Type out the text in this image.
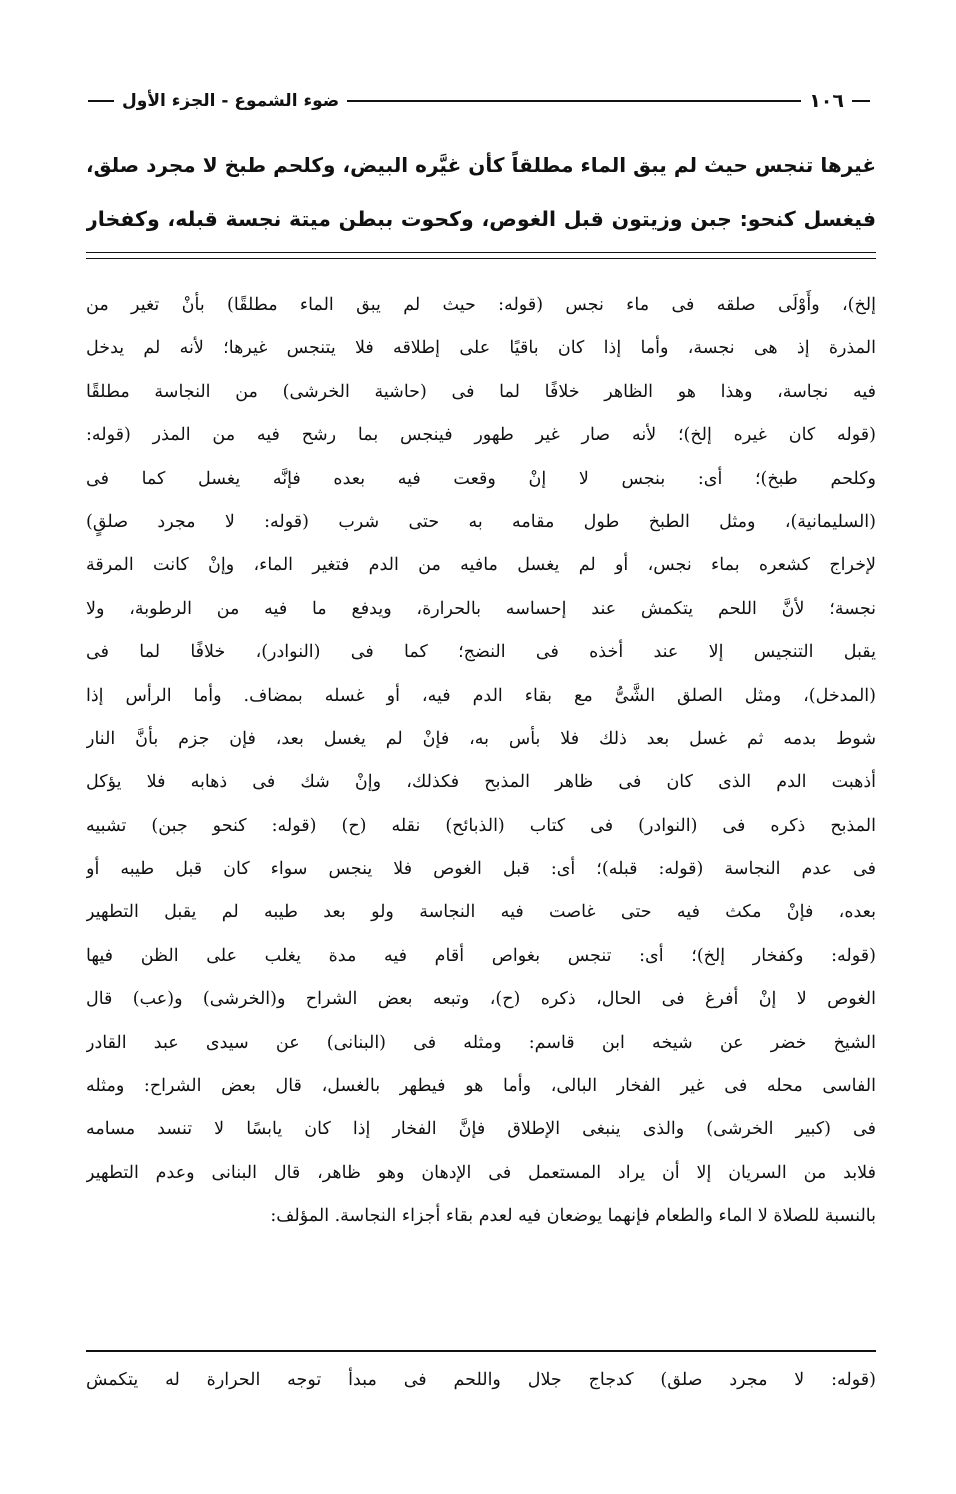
١٠٦
ضوء الشموع - الجزء الأول
غيرها تنجس حيث لم يبق الماء مطلقاً كأن غيَّره البيض، وكلحم طبخ لا مجرد صلق،
فيغسل كنحو: جبن وزيتون قبل الغوص، وكحوت ببطن ميتة نجسة قبله، وكفخار
إلخ)، وأَوْلَى صلقه فى ماء نجس (قوله: حيث لم يبق الماء مطلقًا) بأنْ تغير من
المذرة إذ هى نجسة، وأما إذا كان باقيًا على إطلاقه فلا يتنجس غيرها؛ لأنه لم يدخل
فيه نجاسة، وهذا هو الظاهر خلافًا لما فى (حاشية الخرشى) من النجاسة مطلقًا
(قوله كان غيره إلخ)؛ لأنه صار غير طهور فينجس بما رشح فيه من المذر (قوله:
وكلحم طبخ)؛ أى: بنجس لا إنْ وقعت فيه بعده فإنَّه يغسل كما فى
(السليمانية)، ومثل الطبخ طول مقامه به حتى شرب (قوله: لا مجرد صلقٍ)
لإخراج كشعره بماء نجس، أو لم يغسل مافيه من الدم فتغير الماء، وإنْ كانت المرقة
نجسة؛ لأنَّ اللحم يتكمش عند إحساسه بالحرارة، ويدفع ما فيه من الرطوبة، ولا
يقبل التنجيس إلا عند أخذه فى النضج؛ كما فى (النوادر)، خلافًا لما فى
(المدخل)، ومثل الصلق الشَّىُّ مع بقاء الدم فيه، أو غسله بمضاف. وأما الرأس إذا
شوط بدمه ثم غسل بعد ذلك فلا بأس به، فإنْ لم يغسل بعد، فإن جزم بأنَّ النار
أذهبت الدم الذى كان فى ظاهر المذبح فكذلك، وإنْ شك فى ذهابه فلا يؤكل
المذبح ذكره فى (النوادر) فى كتاب (الذبائح) نقله (ح) (قوله: كنحو جبن) تشبيه
فى عدم النجاسة (قوله: قبله)؛ أى: قبل الغوص فلا ينجس سواء كان قبل طيبه أو
بعده، فإنْ مكث فيه حتى غاصت فيه النجاسة ولو بعد طيبه لم يقبل التطهير
(قوله: وكفخار إلخ)؛ أى: تنجس بغواص أقام فيه مدة يغلب على الظن فيها
الغوص لا إنْ أفرغ فى الحال، ذكره (ح)، وتبعه بعض الشراح و(الخرشى) و(عب) قال
الشيخ خضر عن شيخه ابن قاسم: ومثله فى (البنانى) عن سيدى عبد القادر
الفاسى محله فى غير الفخار البالى، وأما هو فيطهر بالغسل، قال بعض الشراح: ومثله
فى (كبير الخرشى) والذى ينبغى الإطلاق فإنَّ الفخار إذا كان يابسًا لا تنسد مسامه
فلابد من السريان إلا أن يراد المستعمل فى الإدهان وهو ظاهر، قال البنانى وعدم التطهير
بالنسبة للصلاة لا الماء والطعام فإنهما يوضعان فيه لعدم بقاء أجزاء النجاسة. المؤلف:
(قوله: لا مجرد صلق) كدجاج جلال واللحم فى مبدأ توجه الحرارة له يتكمش
